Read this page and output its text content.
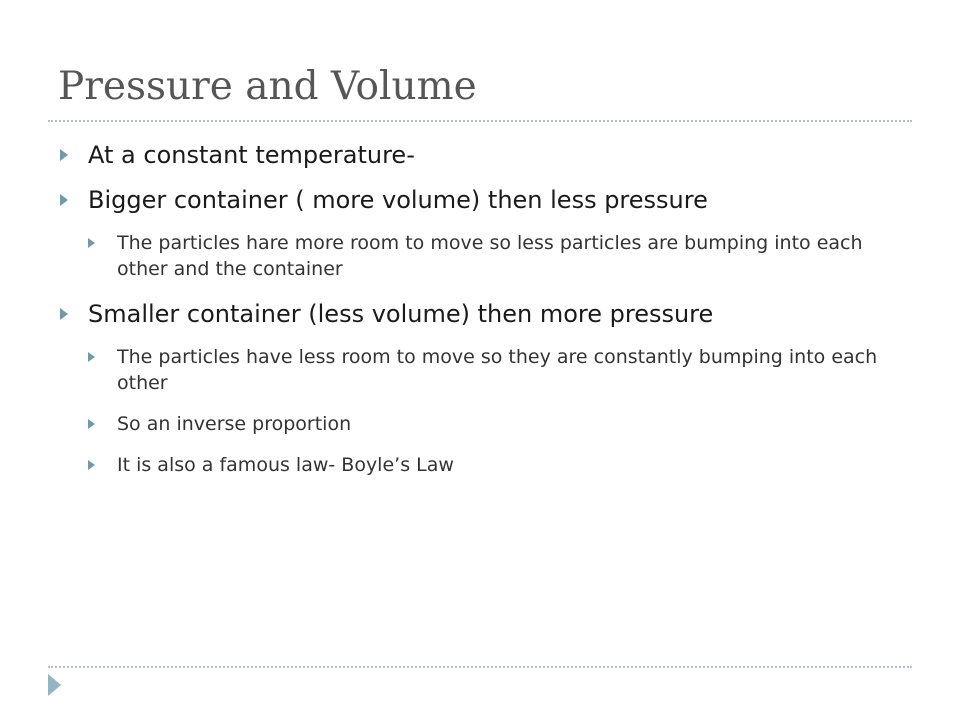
Pressure and Volume
At a constant temperature-
Bigger container ( more volume) then less pressure
The particles hare more room to move so less particles are bumping into each other and the container
Smaller container (less volume) then more pressure
The particles have less room to move so they are constantly bumping into each other
So an inverse proportion
It is also a famous law- Boyle’s Law
